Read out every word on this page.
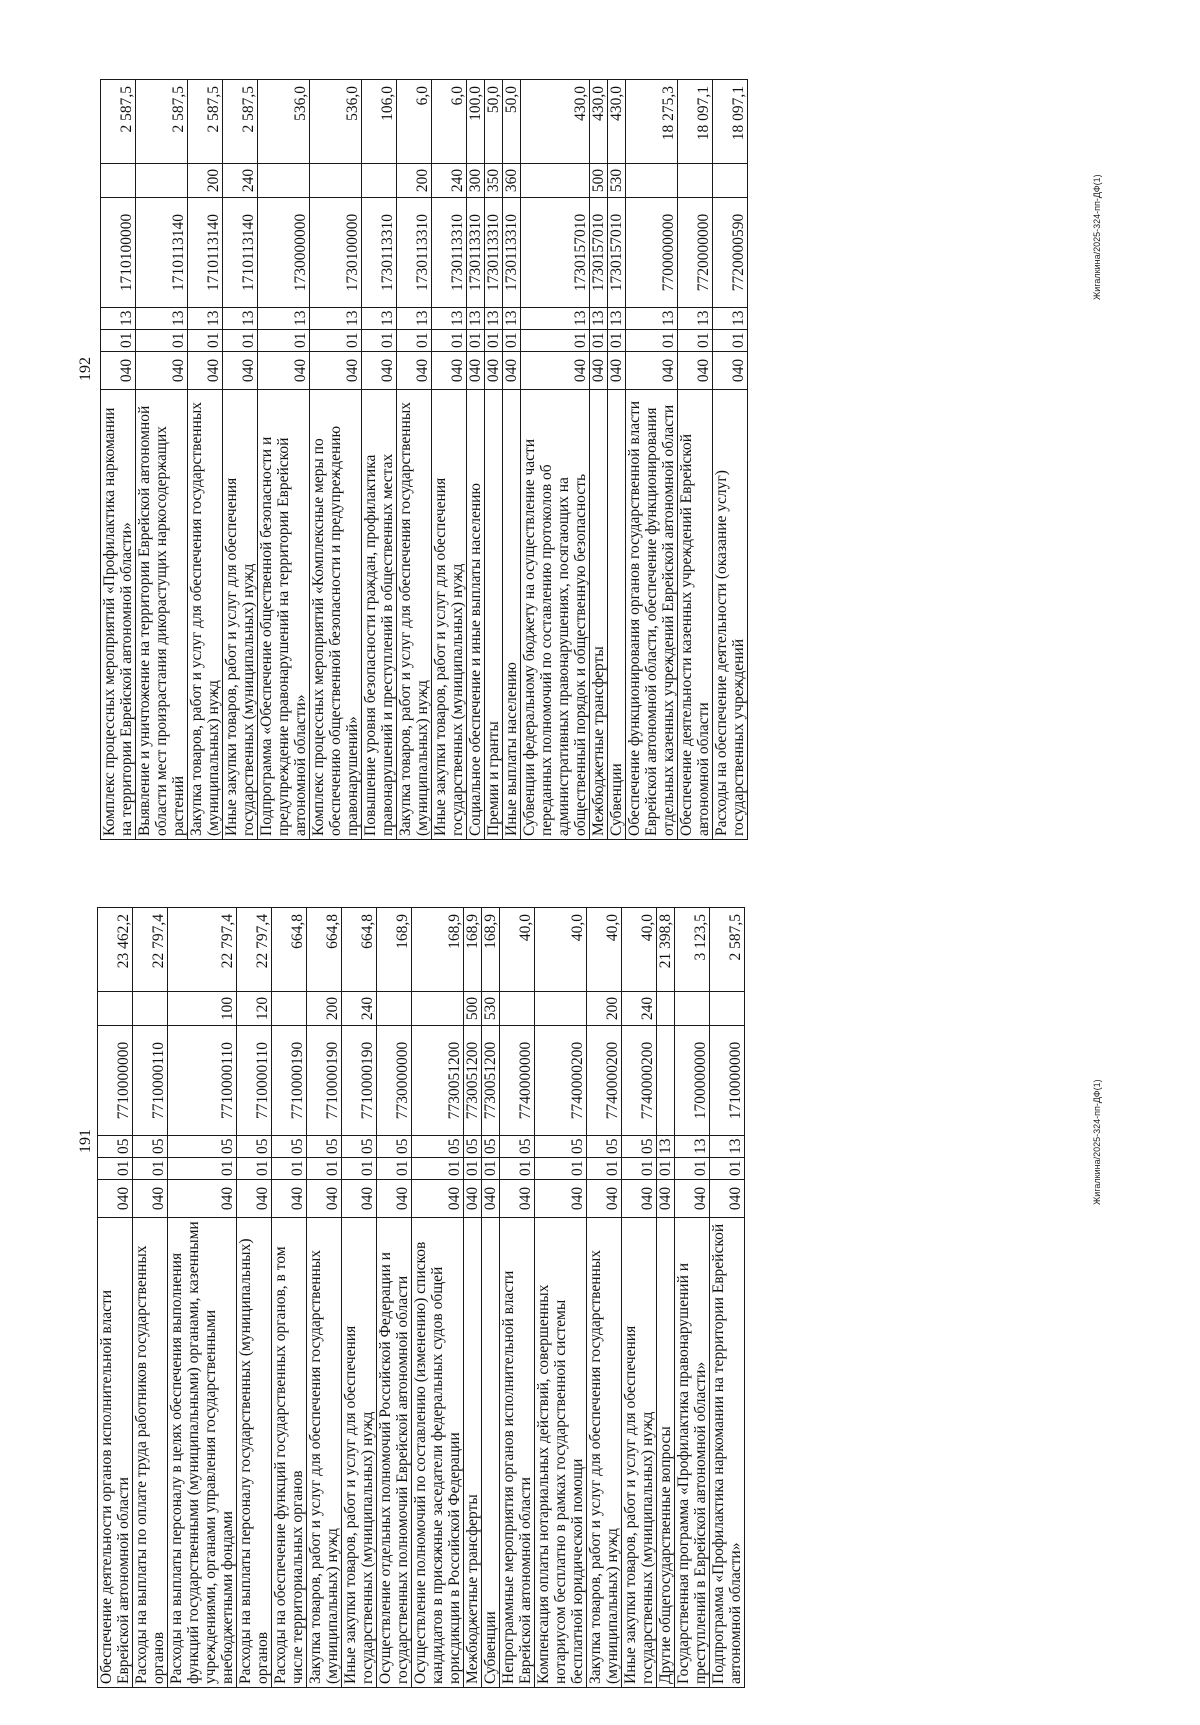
191
192
Обеспечение деятельности органов исполнительной власти Еврейской автономной области	040	01	05	7710000000		23 462,2
Расходы на выплаты по оплате труда работников государственных органов	040	01	05	7710000110		22 797,4
Расходы на выплаты персоналу в целях обеспечения выполнения функций государственными (муниципальными) органами, казенными учреждениями, органами управления государственными внебюджетными фондами	040	01	05	7710000110	100	22 797,4
Расходы на выплаты персоналу государственных (муниципальных) органов	040	01	05	7710000110	120	22 797,4
Расходы на обеспечение функций государственных органов, в том числе территориальных органов	040	01	05	7710000190		664,8
Закупка товаров, работ и услуг для обеспечения государственных (муниципальных) нужд	040	01	05	7710000190	200	664,8
Иные закупки товаров, работ и услуг для обеспечения государственных (муниципальных) нужд	040	01	05	7710000190	240	664,8
Осуществление отдельных полномочий Российской Федерации и государственных полномочий Еврейской автономной области	040	01	05	7730000000		168,9
Осуществление полномочий по составлению (изменению) списков кандидатов в присяжные заседатели федеральных судов общей юрисдикции в Российской Федерации	040	01	05	7730051200		168,9
Межбюджетные трансферты	040	01	05	7730051200	500	168,9
Субвенции	040	01	05	7730051200	530	168,9
Непрограммные мероприятия органов исполнительной власти Еврейской автономной области	040	01	05	7740000000		40,0
Компенсация оплаты нотариальных действий, совершенных нотариусом бесплатно в рамках государственной системы бесплатной юридической помощи	040	01	05	7740000200		40,0
Закупка товаров, работ и услуг для обеспечения государственных (муниципальных) нужд	040	01	05	7740000200	200	40,0
Иные закупки товаров, работ и услуг для обеспечения государственных (муниципальных) нужд	040	01	05	7740000200	240	40,0
Другие общегосударственные вопросы	040	01	13			21 398,8
Государственная программа «Профилактика правонарушений и преступлений в Еврейской автономной области»	040	01	13	1700000000		3 123,5
Подпрограмма «Профилактика наркомании на территории Еврейской автономной области»	040	01	13	1710000000		2 587,5
Комплекс процессных мероприятий «Профилактика наркомании на территории Еврейской автономной области»	040	01	13	1710100000		2 587,5
Выявление и уничтожение на территории Еврейской автономной области мест произрастания дикорастущих наркосодержащих растений	040	01	13	1710113140		2 587,5
Закупка товаров, работ и услуг для обеспечения государственных (муниципальных) нужд	040	01	13	1710113140	200	2 587,5
Иные закупки товаров, работ и услуг для обеспечения государственных (муниципальных) нужд	040	01	13	1710113140	240	2 587,5
Подпрограмма «Обеспечение общественной безопасности и предупреждение правонарушений на территории Еврейской автономной области»	040	01	13	1730000000		536,0
Комплекс процессных мероприятий «Комплексные меры по обеспечению общественной безопасности и предупреждению правонарушений»	040	01	13	1730100000		536,0
Повышение уровня безопасности граждан, профилактика правонарушений и преступлений в общественных местах	040	01	13	1730113310		106,0
Закупка товаров, работ и услуг для обеспечения государственных (муниципальных) нужд	040	01	13	1730113310	200	6,0
Иные закупки товаров, работ и услуг для обеспечения государственных (муниципальных) нужд	040	01	13	1730113310	240	6,0
Социальное обеспечение и иные выплаты населению	040	01	13	1730113310	300	100,0
Премии и гранты	040	01	13	1730113310	350	50,0
Иные выплаты населению	040	01	13	1730113310	360	50,0
Субвенции федеральному бюджету на осуществление части переданных полномочий по составлению протоколов об административных правонарушениях, посягающих на общественный порядок и общественную безопасность	040	01	13	1730157010		430,0
Межбюджетные трансферты	040	01	13	1730157010	500	430,0
Субвенции	040	01	13	1730157010	530	430,0
Обеспечение функционирования органов государственной власти Еврейской автономной области, обеспечение функционирования отдельных казенных учреждений Еврейской автономной области	040	01	13	7700000000		18 275,3
Обеспечение деятельности казенных учреждений Еврейской автономной области	040	01	13	7720000000		18 097,1
Расходы на обеспечение деятельности (оказание услуг) государственных учреждений	040	01	13	7720000590		18 097,1
Жигалкина/2025-324-пп-ДФ(1)
Жигалкина/2025-324-пп-ДФ(1)
